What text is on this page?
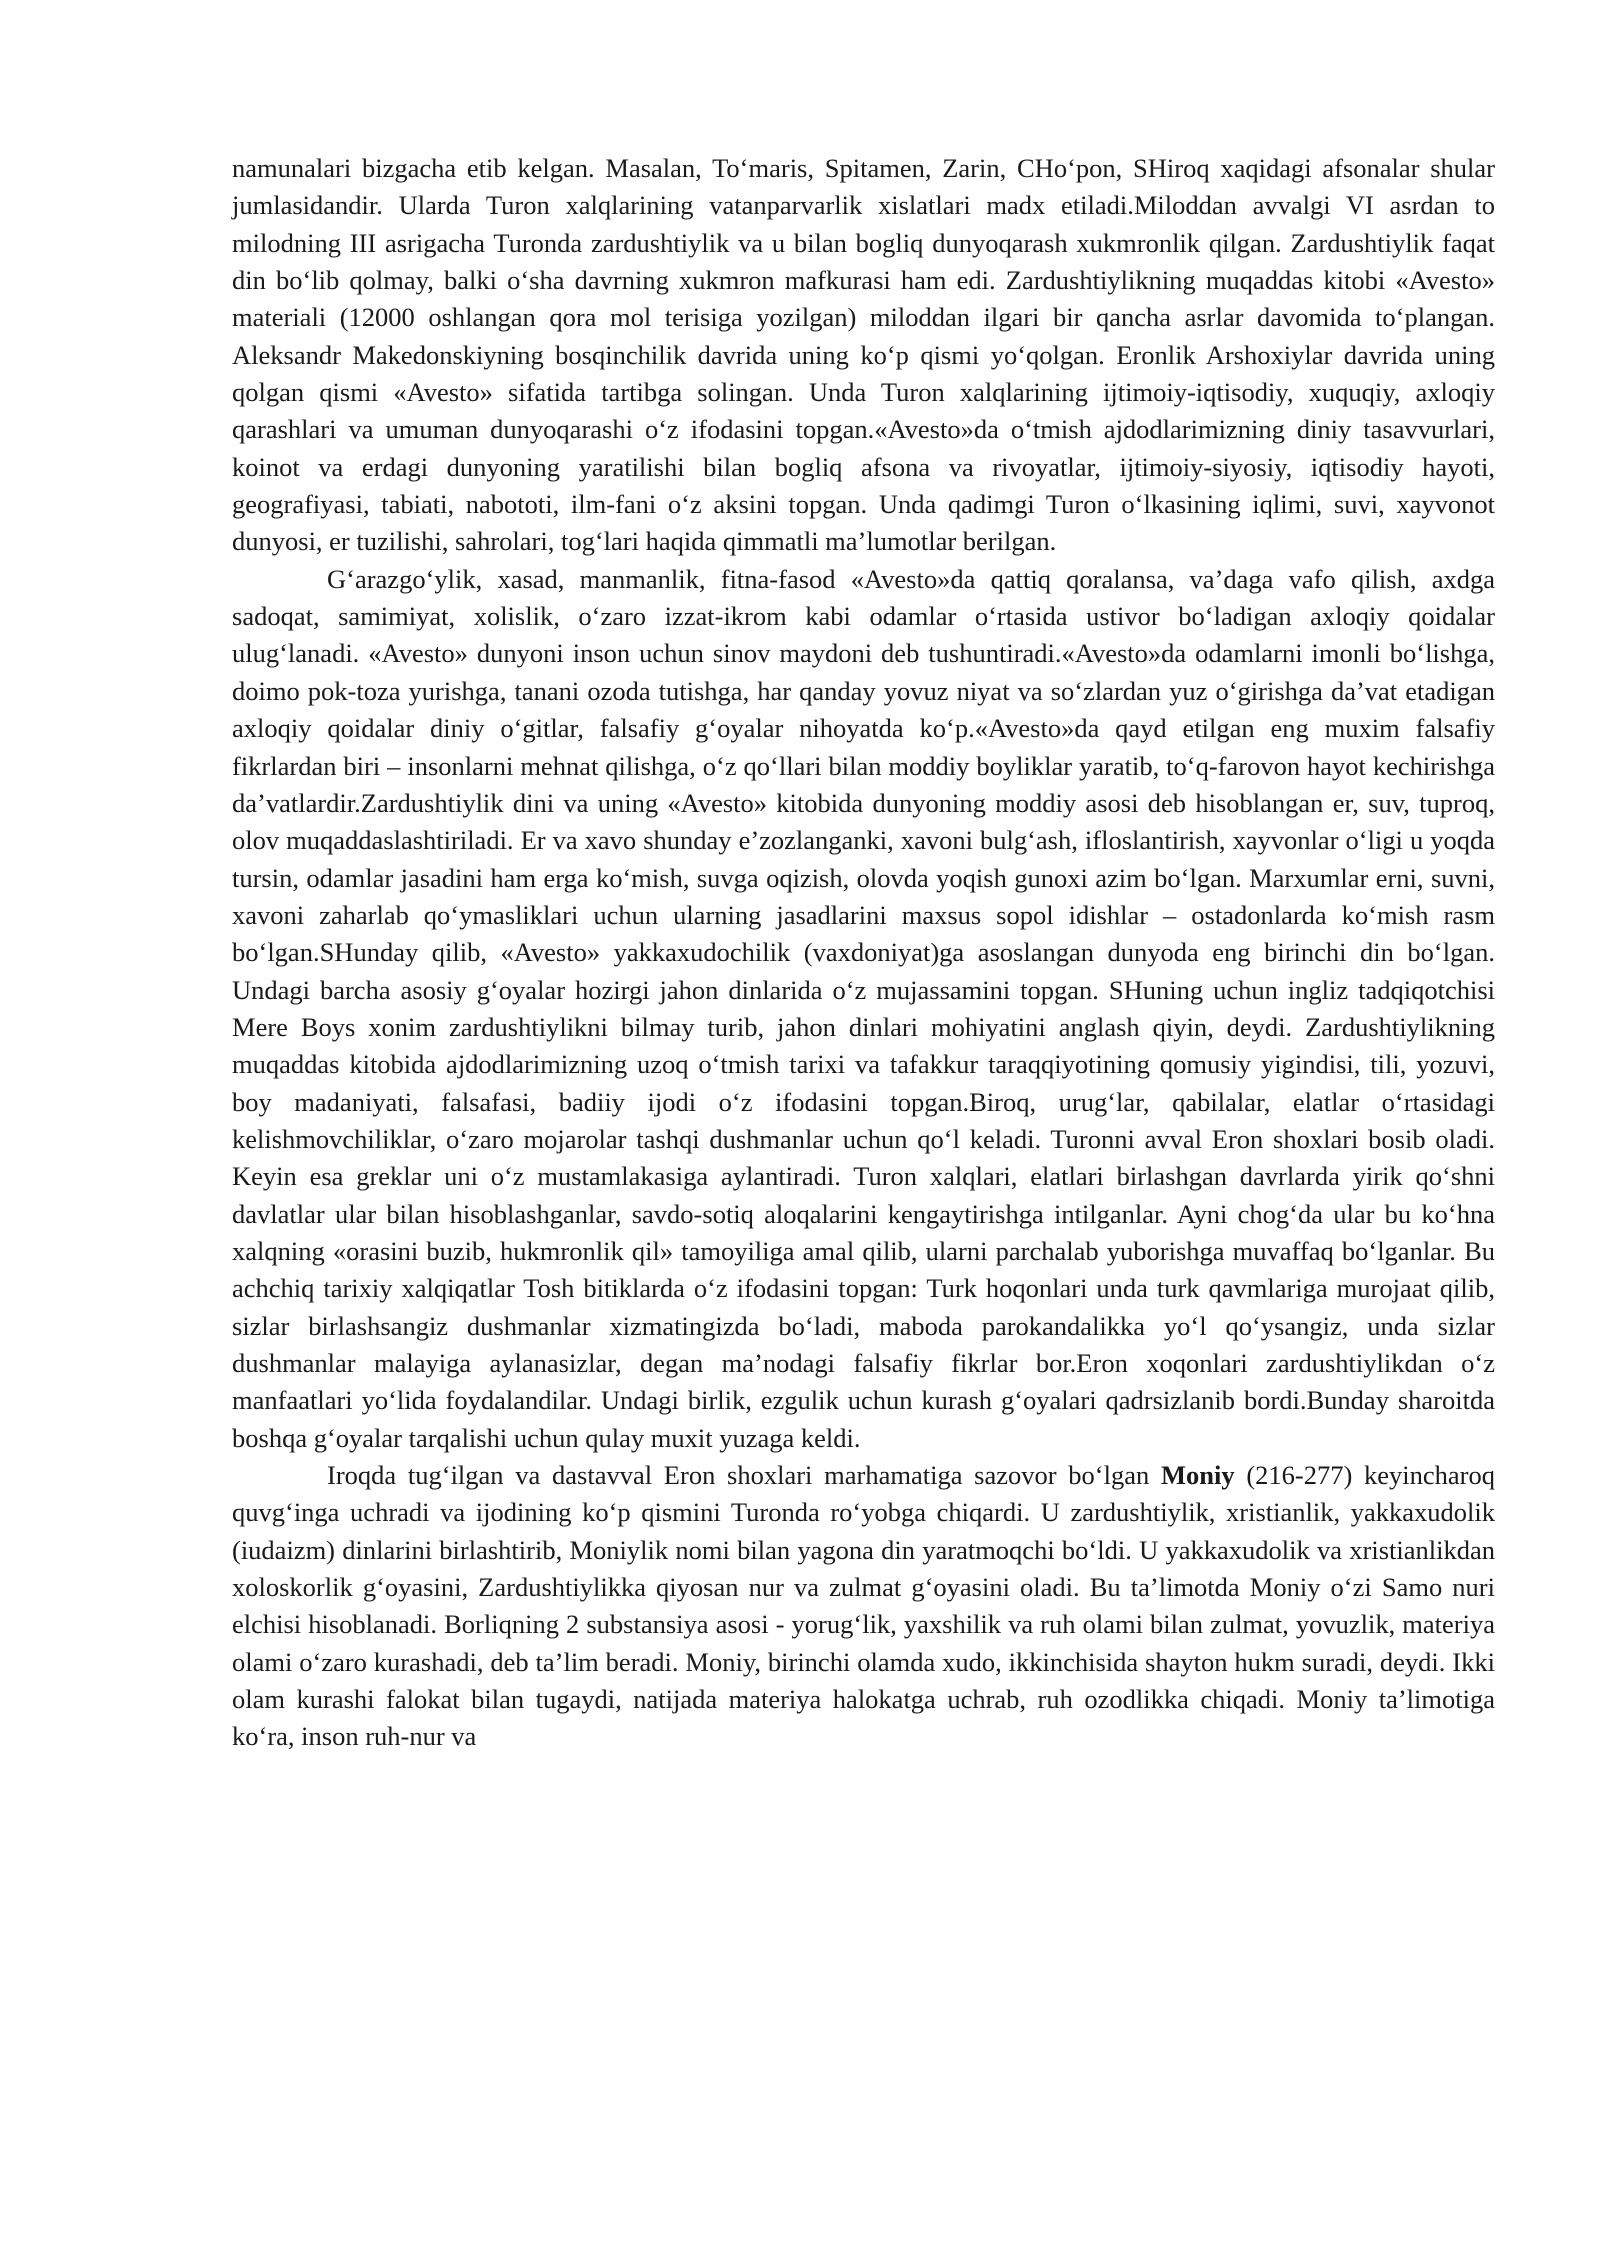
namunalari bizgacha etib kelgan. Masalan, To‘maris, Spitamen, Zarin, CHo‘pon, SHiroq xaqidagi afsonalar shular jumlasidandir. Ularda Turon xalqlarining vatanparvarlik xislatlari madx etiladi.Miloddan avvalgi VI asrdan to milodning III asrigacha Turonda zardushtiylik va u bilan bogliq dunyoqarash xukmronlik qilgan. Zardushtiylik faqat din bo‘lib qolmay, balki o‘sha davrning xukmron mafkurasi ham edi. Zardushtiylikning muqaddas kitobi «Avesto» materiali (12000 oshlangan qora mol terisiga yozilgan) miloddan ilgari bir qancha asrlar davomida to‘plangan. Aleksandr Makedonskiyning bosqinchilik davrida uning ko‘p qismi yo‘qolgan. Eronlik Arshoxiylar davrida uning qolgan qismi «Avesto» sifatida tartibga solingan. Unda Turon xalqlarining ijtimoiy-iqtisodiy, xuquqiy, axloqiy qarashlari va umuman dunyoqarashi o‘z ifodasini topgan.«Avesto»da o‘tmish ajdodlarimizning diniy tasavvurlari, koinot va erdagi dunyoning yaratilishi bilan bogliq afsona va rivoyatlar, ijtimoiy-siyosiy, iqtisodiy hayoti, geografiyasi, tabiati, nabototi, ilm-fani o‘z aksini topgan. Unda qadimgi Turon o‘lkasining iqlimi, suvi, xayvonot dunyosi, er tuzilishi, sahrolari, tog‘lari haqida qimmatli ma’lumotlar berilgan.

G‘arazgo‘ylik, xasad, manmanlik, fitna-fasod «Avesto»da qattiq qoralansa, va’daga vafo qilish, axdga sadoqat, samimiyat, xolislik, o‘zaro izzat-ikrom kabi odamlar o‘rtasida ustivor bo‘ladigan axloqiy qoidalar ulug‘lanadi. «Avesto» dunyoni inson uchun sinov maydoni deb tushuntiradi.«Avesto»da odamlarni imonli bo‘lishga, doimo pok-toza yurishga, tanani ozoda tutishga, har qanday yovuz niyat va so‘zlardan yuz o‘girishga da’vat etadigan axloqiy qoidalar diniy o‘gitlar, falsafiy g‘oyalar nihoyatda ko‘p.«Avesto»da qayd etilgan eng muxim falsafiy fikrlardan biri – insonlarni mehnat qilishga, o‘z qo‘llari bilan moddiy boyliklar yaratib, to‘q-farovon hayot kechirishga da’vatlardir.Zardushtiylik dini va uning «Avesto» kitobida dunyoning moddiy asosi deb hisoblangan er, suv, tuproq, olov muqaddaslashtiriladi. Er va xavo shunday e’zozlanganki, xavoni bulg‘ash, ifloslantirish, xayvonlar o‘ligi u yoqda tursin, odamlar jasadini ham erga ko‘mish, suvga oqizish, olovda yoqish gunoxi azim bo‘lgan. Marxumlar erni, suvni, xavoni zaharlab qo‘ymasliklari uchun ularning jasadlarini maxsus sopol idishlar – ostadonlarda ko‘mish rasm bo‘lgan.SHunday qilib, «Avesto» yakkaxudochilik (vaxdoniyat)ga asoslangan dunyoda eng birinchi din bo‘lgan. Undagi barcha asosiy g‘oyalar hozirgi jahon dinlarida o‘z mujassamini topgan. SHuning uchun ingliz tadqiqotchisi Mere Boys xonim zardushtiylikni bilmay turib, jahon dinlari mohiyatini anglash qiyin, deydi. Zardushtiylikning muqaddas kitobida ajdodlarimizning uzoq o‘tmish tarixi va tafakkur taraqqiyotining qomusiy yigindisi, tili, yozuvi, boy madaniyati, falsafasi, badiiy ijodi o‘z ifodasini topgan.Biroq, urug‘lar, qabilalar, elatlar o‘rtasidagi kelishmovchiliklar, o‘zaro mojarolar tashqi dushmanlar uchun qo‘l keladi. Turonni avval Eron shoxlari bosib oladi. Keyin esa greklar uni o‘z mustamlakasiga aylantiradi. Turon xalqlari, elatlari birlashgan davrlarda yirik qo‘shni davlatlar ular bilan hisoblashganlar, savdo-sotiq aloqalarini kengaytirishga intilganlar. Ayni chog‘da ular bu ko‘hna xalqning «orasini buzib, hukmronlik qil» tamoyiliga amal qilib, ularni parchalab yuborishga muvaffaq bo‘lganlar. Bu achchiq tarixiy xalqiqatlar Tosh bitiklarda o‘z ifodasini topgan: Turk hoqonlari unda turk qavmlariga murojaat qilib, sizlar birlashsangiz dushmanlar xizmatingizda bo‘ladi, maboda parokandalikka yo‘l qo‘ysangiz, unda sizlar dushmanlar malayiga aylanasizlar, degan ma’nodagi falsafiy fikrlar bor.Eron xoqonlari zardushtiylikdan o‘z manfaatlari yo‘lida foydalandilar. Undagi birlik, ezgulik uchun kurash g‘oyalari qadrsizlanib bordi.Bunday sharoitda boshqa g‘oyalar tarqalishi uchun qulay muxit yuzaga keldi.

Iroqda tug‘ilgan va dastavval Eron shoxlari marhamatiga sazovor bo‘lgan Moniy (216-277) keyincharoq quvg‘inga uchradi va ijodining ko‘p qismini Turonda ro‘yobga chiqardi. U zardushtiylik, xristianlik, yakkaxudolik (iudaizm) dinlarini birlashtirib, Moniylik nomi bilan yagona din yaratmoqchi bo‘ldi. U yakkaxudolik va xristianlikdan xoloskorlik g‘oyasini, Zardushtiylikka qiyosan nur va zulmat g‘oyasini oladi. Bu ta’limotda Moniy o‘zi Samo nuri elchisi hisoblanadi. Borliqning 2 substansiya asosi - yorug‘lik, yaxshilik va ruh olami bilan zulmat, yovuzlik, materiya olami o‘zaro kurashadi, deb ta’lim beradi. Moniy, birinchi olamda xudo, ikkinchisida shayton hukm suradi, deydi. Ikki olam kurashi falokat bilan tugaydi, natijada materiya halokatga uchrab, ruh ozodlikka chiqadi. Moniy ta’limotiga ko‘ra, inson ruh-nur va
